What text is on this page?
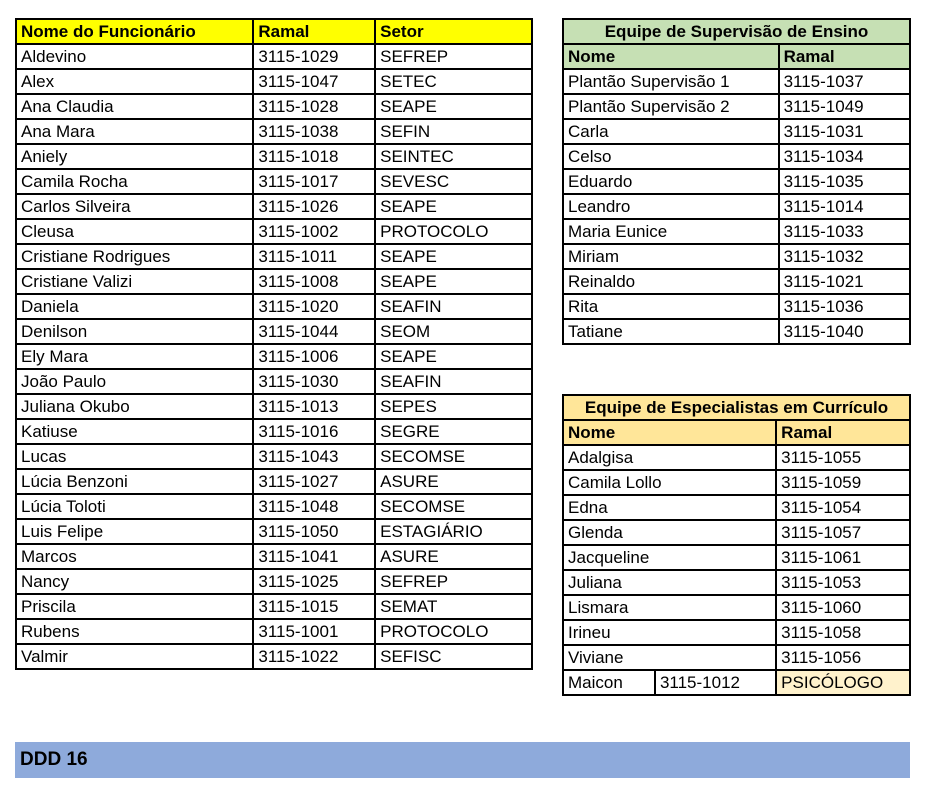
Nome do Funcionário	Ramal	Setor
Aldevino	3115-1029	SEFREP
Alex	3115-1047	SETEC
Ana Claudia	3115-1028	SEAPE
Ana Mara	3115-1038	SEFIN
Aniely	3115-1018	SEINTEC
Camila Rocha	3115-1017	SEVESC
Carlos Silveira	3115-1026	SEAPE
Cleusa	3115-1002	PROTOCOLO
Cristiane Rodrigues	3115-1011	SEAPE
Cristiane Valizi	3115-1008	SEAPE
Daniela	3115-1020	SEAFIN
Denilson	3115-1044	SEOM
Ely Mara	3115-1006	SEAPE
João Paulo	3115-1030	SEAFIN
Juliana Okubo	3115-1013	SEPES
Katiuse	3115-1016	SEGRE
Lucas	3115-1043	SECOMSE
Lúcia Benzoni	3115-1027	ASURE
Lúcia Toloti	3115-1048	SECOMSE
Luis Felipe	3115-1050	ESTAGIÁRIO
Marcos	3115-1041	ASURE
Nancy	3115-1025	SEFREP
Priscila	3115-1015	SEMAT
Rubens	3115-1001	PROTOCOLO
Valmir	3115-1022	SEFISC
Equipe de Supervisão de Ensino	
Nome	Ramal
Plantão Supervisão 1	3115-1037
Plantão Supervisão 2	3115-1049
Carla	3115-1031
Celso	3115-1034
Eduardo	3115-1035
Leandro	3115-1014
Maria Eunice	3115-1033
Miriam	3115-1032
Reinaldo	3115-1021
Rita	3115-1036
Tatiane	3115-1040
Equipe de Especialistas em Currículo		
Nome		Ramal
Adalgisa		3115-1055
Camila Lollo		3115-1059
Edna		3115-1054
Glenda		3115-1057
Jacqueline		3115-1061
Juliana		3115-1053
Lismara		3115-1060
Irineu		3115-1058
Viviane		3115-1056
Maicon	3115-1012	PSICÓLOGO
DDD 16
